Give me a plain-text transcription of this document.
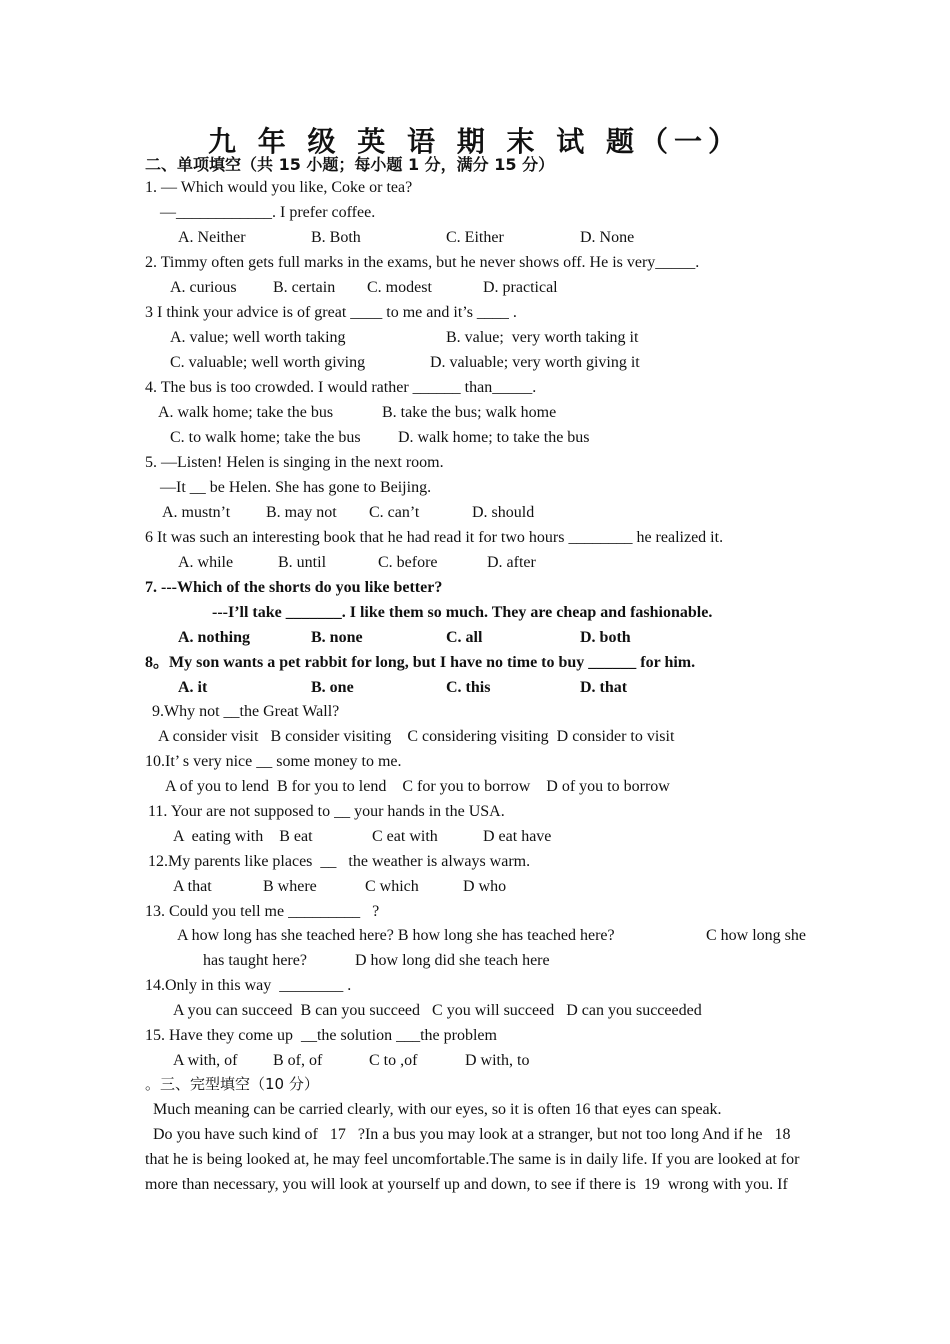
九 年 级 英 语 期 末 试 题（一）
二、单项填空（共 15 小题；每小题 1 分，满分 15 分）
1. — Which would you like, Coke or tea?
—____________. I prefer coffee.
A. Neither	B. Both	C. Either	D. None
2. Timmy often gets full marks in the exams, but he never shows off. He is very_____.
A. curious B. certain C. modest	D. practical
3 I think your advice is of great ____ to me and it’s ____ .
A. value; well worth taking	B. value;  very worth taking it
C. valuable; well worth giving	D. valuable; very worth giving it
4. The bus is too crowded. I would rather ______ than_____.
A. walk home; take the bus	B. take the bus; walk home
C. to walk home; take the bus D. walk home; to take the bus
5. —Listen! Helen is singing in the next room.
—It __ be Helen. She has gone to Beijing.
A. mustn’t B. may not C. can’t	D. should
6 It was such an interesting book that he had read it for two hours ________ he realized it.
A. while	B. until	C. before	D. after
7. ---Which of the shorts do you like better?
---I’ll take _______. I like them so much. They are cheap and fashionable.
A. nothing	B. none	C. all	D. both
8。My son wants a pet rabbit for long, but I have no time to buy ______ for him.
A. it	B. one	C. this	D. that
9.Why not __the Great Wall?
A consider visit   B consider visiting    C considering visiting  D consider to visit
10.It’ s very nice __ some money to me.
A of you to lend  B for you to lend    C for you to borrow    D of you to borrow
11. Your are not supposed to __ your hands in the USA.
A  eating with    B eat	C eat with	D eat have
12.My parents like places  __   the weather is always warm.
A that	B where	C which	D who
13. Could you tell me _________   ?
A how long has she teached here? B how long she has teached here?	C how long she
has taught here?	D how long did she teach here
14.Only in this way  ________ .
A you can succeed  B can you succeed   C you will succeed   D can you succeeded
15. Have they come up  __the solution ___the problem
A with, of B of, of	C to ,of	D with, to
。三、完型填空（10 分）
Much meaning can be carried clearly, with our eyes, so it is often 16 that eyes can speak.
Do you have such kind of   17   ?In a bus you may look at a stranger, but not too long And if he   18
that he is being looked at, he may feel uncomfortable.The same is in daily life. If you are looked at for
more than necessary, you will look at yourself up and down, to see if there is  19  wrong with you. If
